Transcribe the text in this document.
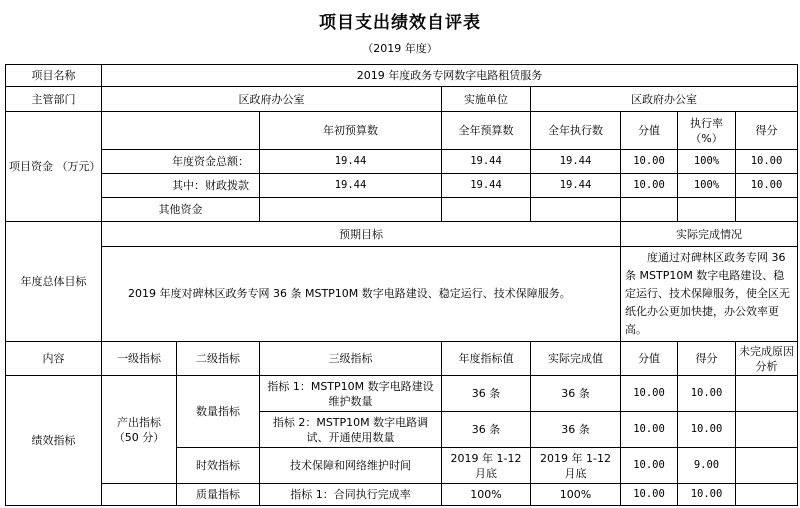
项目支出绩效自评表
（2019 年度）
项目名称	2019 年度政务专网数字电路租赁服务							
主管部门	区政府办公室			实施单位	区政府办公室			
项目资金 （万元）			年初预算数	全年预算数	全年执行数	分值	执行率（%）	得分
	年度资金总额：		19.44	19.44	19.44	10.00	100%	10.00
	其中：财政拨款		19.44	19.44	19.44	10.00	100%	10.00
	其他资金							
年度总体目标	预期目标					实际完成情况		
	2019 年度对碑林区政务专网 36 条 MSTP10M 数字电路建设、稳定运行、技术保障服务。					度通过对碑林区政务专网 36 条 MSTP10M 数字电路建设、稳定运行、技术保障服务，使全区无纸化办公更加快捷，办公效率更高。		
内容	一级指标	二级指标	三级指标	年度指标值	实际完成值	分值	得分	未完成原因分析
绩效指标	产出指标（50 分）	数量指标	指标 1：MSTP10M 数字电路建设维护数量	36 条	36 条	10.00	10.00	
			指标 2：MSTP10M 数字电路调试、开通使用数量	36 条	36 条	10.00	10.00	
		时效指标	技术保障和网络维护时间	2019 年 1-12 月底	2019 年 1-12 月底	10.00	9.00	
		质量指标	指标 1：合同执行完成率	100%	100%	10.00	10.00	
